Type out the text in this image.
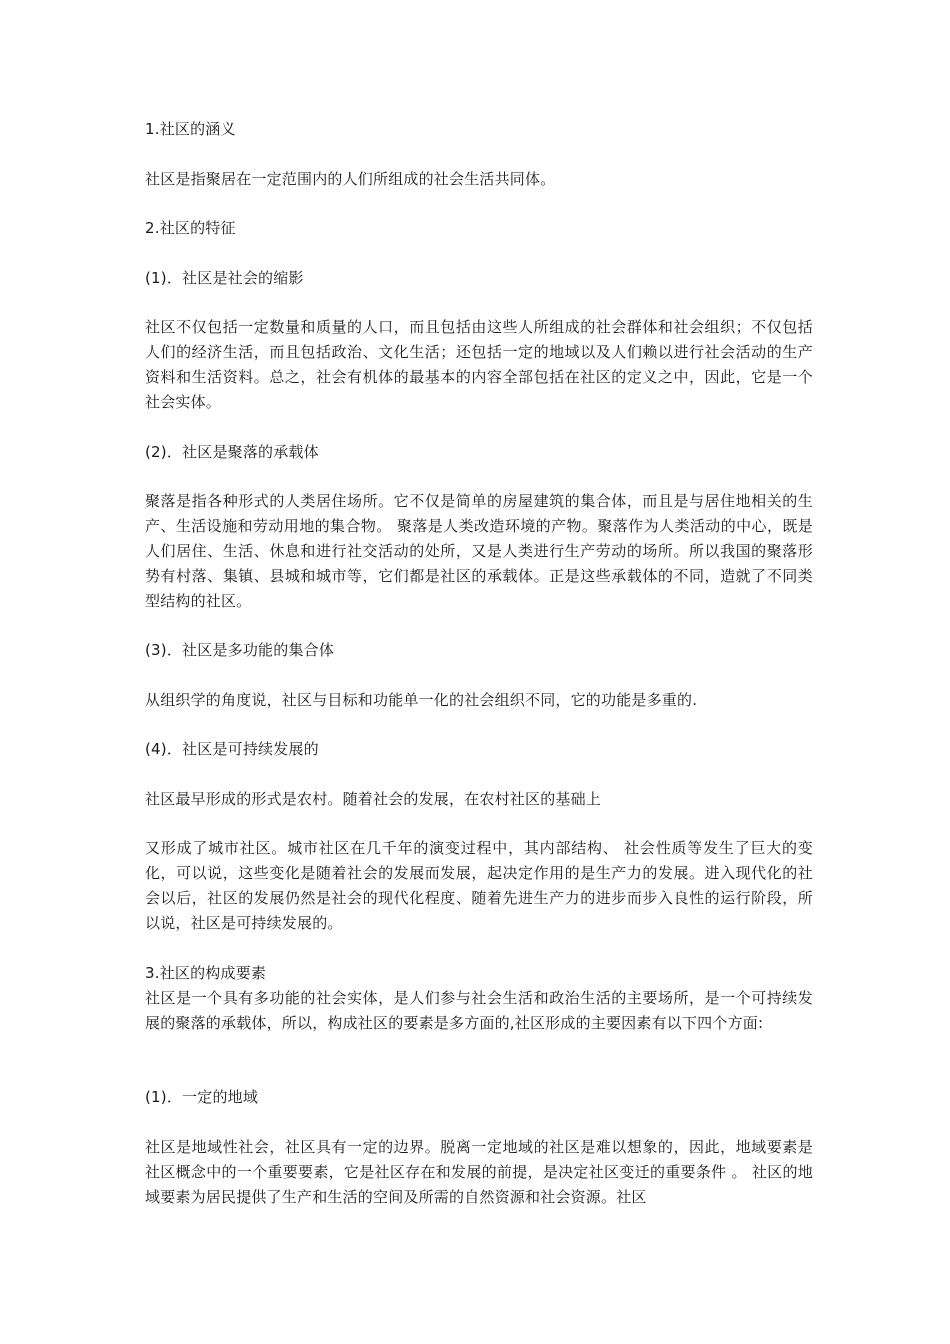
1.社区的涵义

社区是指聚居在一定范围内的人们所组成的社会生活共同体。

2.社区的特征

(1)．社区是社会的缩影

社区不仅包括一定数量和质量的人口，而且包括由这些人所组成的社会群体和社会组织；不仅包括人们的经济生活，而且包括政治、文化生活；还包括一定的地域以及人们赖以进行社会活动的生产资料和生活资料。总之，社会有机体的最基本的内容全部包括在社区的定义之中，因此，它是一个社会实体。

(2)．社区是聚落的承载体

聚落是指各种形式的人类居住场所。它不仅是简单的房屋建筑的集合体，而且是与居住地相关的生产、生活设施和劳动用地的集合物。 聚落是人类改造环境的产物。聚落作为人类活动的中心，既是人们居住、生活、休息和进行社交活动的处所，又是人类进行生产劳动的场所。所以我国的聚落形势有村落、集镇、县城和城市等，它们都是社区的承载体。正是这些承载体的不同，造就了不同类型结构的社区。

(3)．社区是多功能的集合体

从组织学的角度说，社区与目标和功能单一化的社会组织不同，它的功能是多重的.

(4)．社区是可持续发展的

社区最早形成的形式是农村。随着社会的发展，在农村社区的基础上

又形成了城市社区。城市社区在几千年的演变过程中，其内部结构、 社会性质等发生了巨大的变化，可以说，这些变化是随着社会的发展而发展，起决定作用的是生产力的发展。进入现代化的社会以后，社区的发展仍然是社会的现代化程度、随着先进生产力的进步而步入良性的运行阶段，所以说，社区是可持续发展的。

3.社区的构成要素

社区是一个具有多功能的社会实体，是人们参与社会生活和政治生活的主要场所，是一个可持续发展的聚落的承载体，所以，构成社区的要素是多方面的,社区形成的主要因素有以下四个方面:

(1)．一定的地域

社区是地域性社会，社区具有一定的边界。脱离一定地域的社区是难以想象的，因此，地域要素是社区概念中的一个重要要素，它是社区存在和发展的前提，是决定社区变迁的重要条件 。 社区的地域要素为居民提供了生产和生活的空间及所需的自然资源和社会资源。社区
